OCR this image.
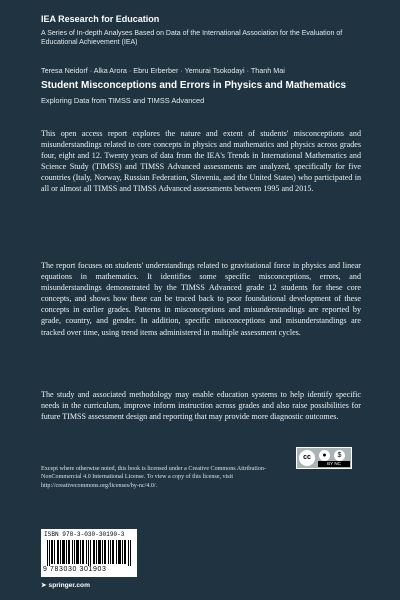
IEA Research for Education
A Series of In-depth Analyses Based on Data of the International Association for the Evaluation of Educational Achievement (IEA)
Teresa Neidorf · Alka Arora · Ebru Erberber · Yemurai Tsokodayi · Thanh Mai
Student Misconceptions and Errors in Physics and Mathematics
Exploring Data from TIMSS and TIMSS Advanced
This open access report explores the nature and extent of students' misconceptions and misunderstandings related to core concepts in physics and mathematics and physics across grades four, eight and 12. Twenty years of data from the IEA's Trends in International Mathematics and Science Study (TIMSS) and TIMSS Advanced assessments are analyzed, specifically for five countries (Italy, Norway, Russian Federation, Slovenia, and the United States) who participated in all or almost all TIMSS and TIMSS Advanced assessments between 1995 and 2015.
The report focuses on students' understandings related to gravitational force in physics and linear equations in mathematics. It identifies some specific misconceptions, errors, and misunderstandings demonstrated by the TIMSS Advanced grade 12 students for these core concepts, and shows how these can be traced back to poor foundational development of these concepts in earlier grades. Patterns in misconceptions and misunderstandings are reported by grade, country, and gender. In addition, specific misconceptions and misunderstandings are tracked over time, using trend items administered in multiple assessment cycles.
The study and associated methodology may enable education systems to help identify specific needs in the curriculum, improve inform instruction across grades and also raise possibilities for future TIMSS assessment design and reporting that may provide more diagnostic outcomes.
Except where otherwise noted, this book is licensed under a Creative Commons Attribution-NonCommercial 4.0 International License. To view a copy of this license, visit http://creativecommons.org/licenses/by-nc/4.0/.
cc	●	$
BY NC
ISBN 978-3-030-30190-3
9 783030 301903
➤ springer.com
